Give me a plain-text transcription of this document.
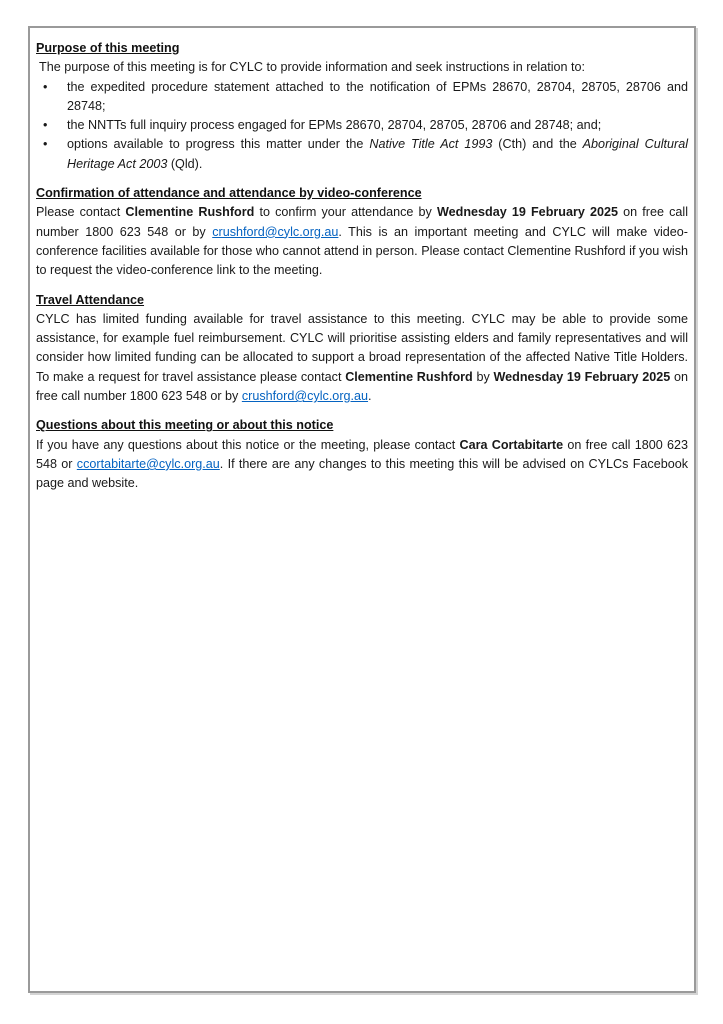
Purpose of this meeting

The purpose of this meeting is for CYLC to provide information and seek instructions in relation to:

• the expedited procedure statement attached to the notification of EPMs 28670, 28704, 28705, 28706 and 28748;
• the NNTTs full inquiry process engaged for EPMs 28670, 28704, 28705, 28706 and 28748; and;
• options available to progress this matter under the Native Title Act 1993 (Cth) and the Aboriginal Cultural Heritage Act 2003 (Qld).
Confirmation of attendance and attendance by video-conference

Please contact Clementine Rushford to confirm your attendance by Wednesday 19 February 2025 on free call number 1800 623 548 or by crushford@cylc.org.au. This is an important meeting and CYLC will make video-conference facilities available for those who cannot attend in person. Please contact Clementine Rushford if you wish to request the video-conference link to the meeting.

Travel Attendance

CYLC has limited funding available for travel assistance to this meeting. CYLC may be able to provide some assistance, for example fuel reimbursement. CYLC will prioritise assisting elders and family representatives and will consider how limited funding can be allocated to support a broad representation of the affected Native Title Holders. To make a request for travel assistance please contact Clementine Rushford by Wednesday 19 February 2025 on free call number 1800 623 548 or by crushford@cylc.org.au.

Questions about this meeting or about this notice

If you have any questions about this notice or the meeting, please contact Cara Cortabitarte on free call 1800 623 548 or ccortabitarte@cylc.org.au. If there are any changes to this meeting this will be advised on CYLCs Facebook page and website.
